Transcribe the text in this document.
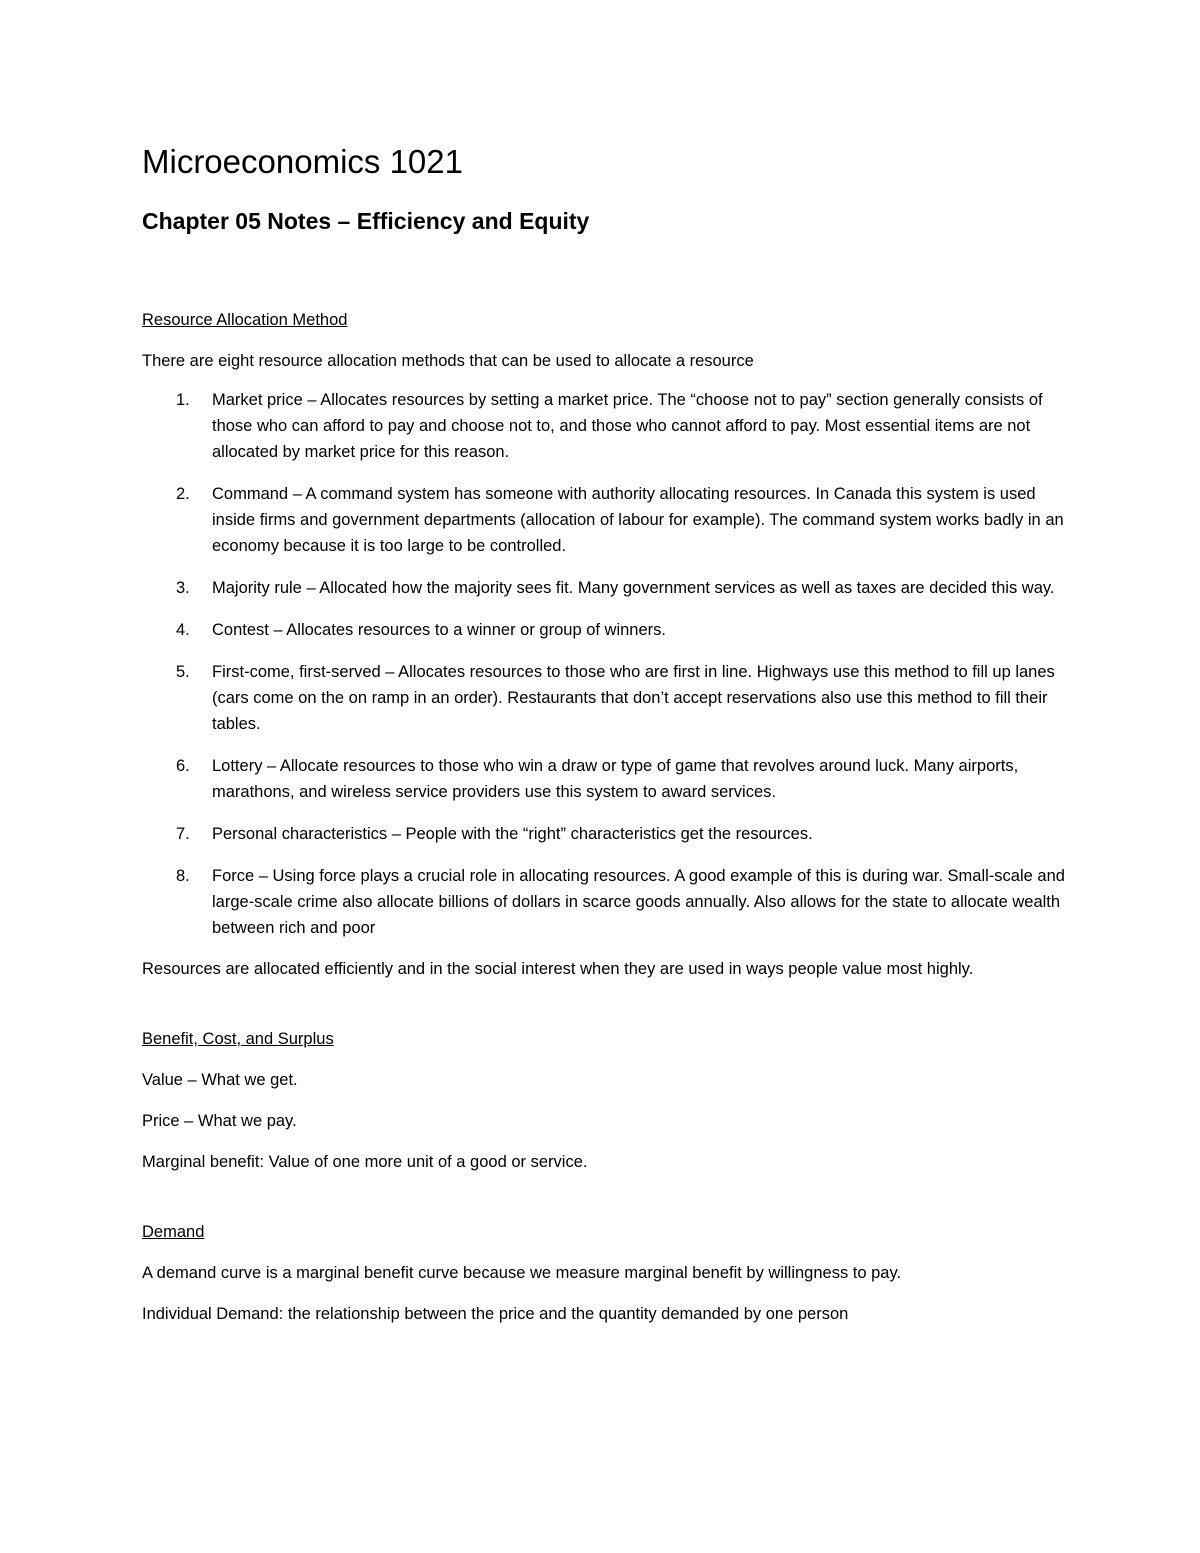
Microeconomics 1021
Chapter 05 Notes – Efficiency and Equity
Resource Allocation Method

There are eight resource allocation methods that can be used to allocate a resource

1. Market price – Allocates resources by setting a market price. The “choose not to pay” section generally consists of those who can afford to pay and choose not to, and those who cannot afford to pay. Most essential items are not allocated by market price for this reason.
2. Command – A command system has someone with authority allocating resources. In Canada this system is used inside firms and government departments (allocation of labour for example). The command system works badly in an economy because it is too large to be controlled.
3. Majority rule – Allocated how the majority sees fit. Many government services as well as taxes are decided this way.
4. Contest – Allocates resources to a winner or group of winners.
5. First-come, first-served – Allocates resources to those who are first in line. Highways use this method to fill up lanes (cars come on the on ramp in an order). Restaurants that don’t accept reservations also use this method to fill their tables.
6. Lottery – Allocate resources to those who win a draw or type of game that revolves around luck. Many airports, marathons, and wireless service providers use this system to award services.
7. Personal characteristics – People with the “right” characteristics get the resources.
8. Force – Using force plays a crucial role in allocating resources. A good example of this is during war. Small-scale and large-scale crime also allocate billions of dollars in scarce goods annually. Also allows for the state to allocate wealth between rich and poor

Resources are allocated efficiently and in the social interest when they are used in ways people value most highly.

Benefit, Cost, and Surplus

Value – What we get.

Price – What we pay.

Marginal benefit: Value of one more unit of a good or service.

Demand

A demand curve is a marginal benefit curve because we measure marginal benefit by willingness to pay.

Individual Demand: the relationship between the price and the quantity demanded by one person
